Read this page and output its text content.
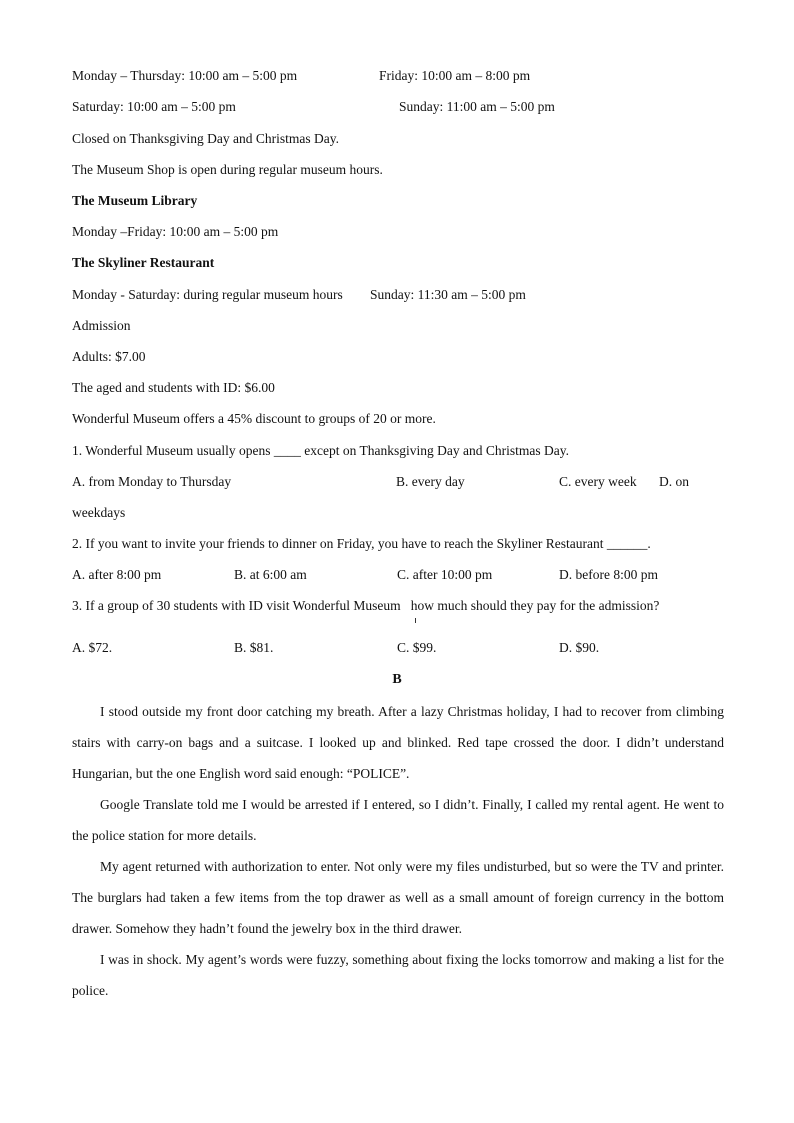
Monday – Thursday: 10:00 am – 5:00 pm	Friday: 10:00 am – 8:00 pm
Saturday: 10:00 am – 5:00 pm	Sunday: 11:00 am – 5:00 pm
Closed on Thanksgiving Day and Christmas Day.
The Museum Shop is open during regular museum hours.
The Museum Library
Monday –Friday: 10:00 am – 5:00 pm
The Skyliner Restaurant
Monday - Saturday: during regular museum hours Sunday: 11:30 am – 5:00 pm
Admission
Adults: $7.00
The aged and students with ID: $6.00
Wonderful Museum offers a 45% discount to groups of 20 or more.
1. Wonderful Museum usually opens ____ except on Thanksgiving Day and Christmas Day.
A. from Monday to Thursday	B. every day	C. every week D. on
weekdays
2. If you want to invite your friends to dinner on Friday, you have to reach the Skyliner Restaurant ______.
A. after 8:00 pm	B. at 6:00 am	C. after 10:00 pm	D. before 8:00 pm
3. If a group of 30 students with ID visit Wonderful Museum   how much should they pay for the admission?
A. $72.	B. $81.	C. $99.	D. $90.
B

I stood outside my front door catching my breath. After a lazy Christmas holiday, I had to recover from climbing stairs with carry-on bags and a suitcase. I looked up and blinked. Red tape crossed the door. I didn’t understand Hungarian, but the one English word said enough: “POLICE”.

Google Translate told me I would be arrested if I entered, so I didn’t. Finally, I called my rental agent. He went to the police station for more details.

My agent returned with authorization to enter. Not only were my files undisturbed, but so were the TV and printer. The burglars had taken a few items from the top drawer as well as a small amount of foreign currency in the bottom drawer. Somehow they hadn’t found the jewelry box in the third drawer.

I was in shock. My agent’s words were fuzzy, something about fixing the locks tomorrow and making a list for the police.
